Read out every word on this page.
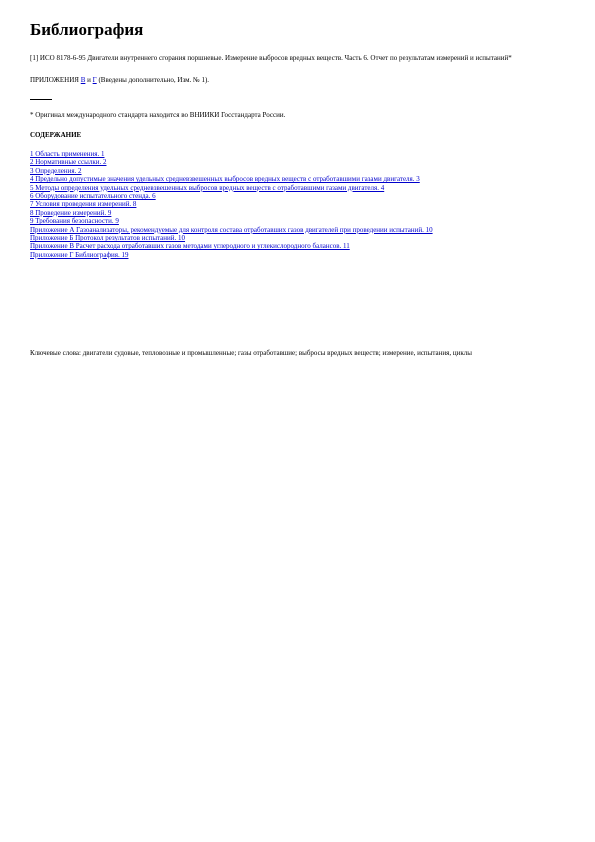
Библиография

[1] ИСО 8178-6-95 Двигатели внутреннего сгорания поршневые. Измерение выбросов вредных веществ. Часть 6. Отчет по результатам измерений и испытаний*

ПРИЛОЖЕНИЯ В и Г (Введены дополнительно, Изм. № 1).

* Оригинал международного стандарта находится во ВНИИКИ Госстандарта России.

СОДЕРЖАНИЕ

1 Область применения. 1
2 Нормативные ссылки. 2
3 Определения. 2
4 Предельно допустимые значения удельных средневзвешенных выбросов вредных веществ с отработавшими газами двигателя. 3
5 Методы определения удельных средневзвешенных выбросов вредных веществ с отработавшими газами двигателя. 4
6 Оборудование испытательного стенда. 6
7 Условия проведения измерений. 8
8 Проведение измерений. 9
9 Требования безопасности. 9
Приложение А Газоанализаторы, рекомендуемые для контроля состава отработавших газов двигателей при проведении испытаний. 10
Приложение Б Протокол результатов испытаний. 10
Приложение В Расчет расхода отработавших газов методами углеродного и углекислородного балансов. 11
Приложение Г Библиография. 19

Ключевые слова: двигатели судовые, тепловозные и промышленные; газы отработавшие; выбросы вредных веществ; измерение, испытания, циклы
